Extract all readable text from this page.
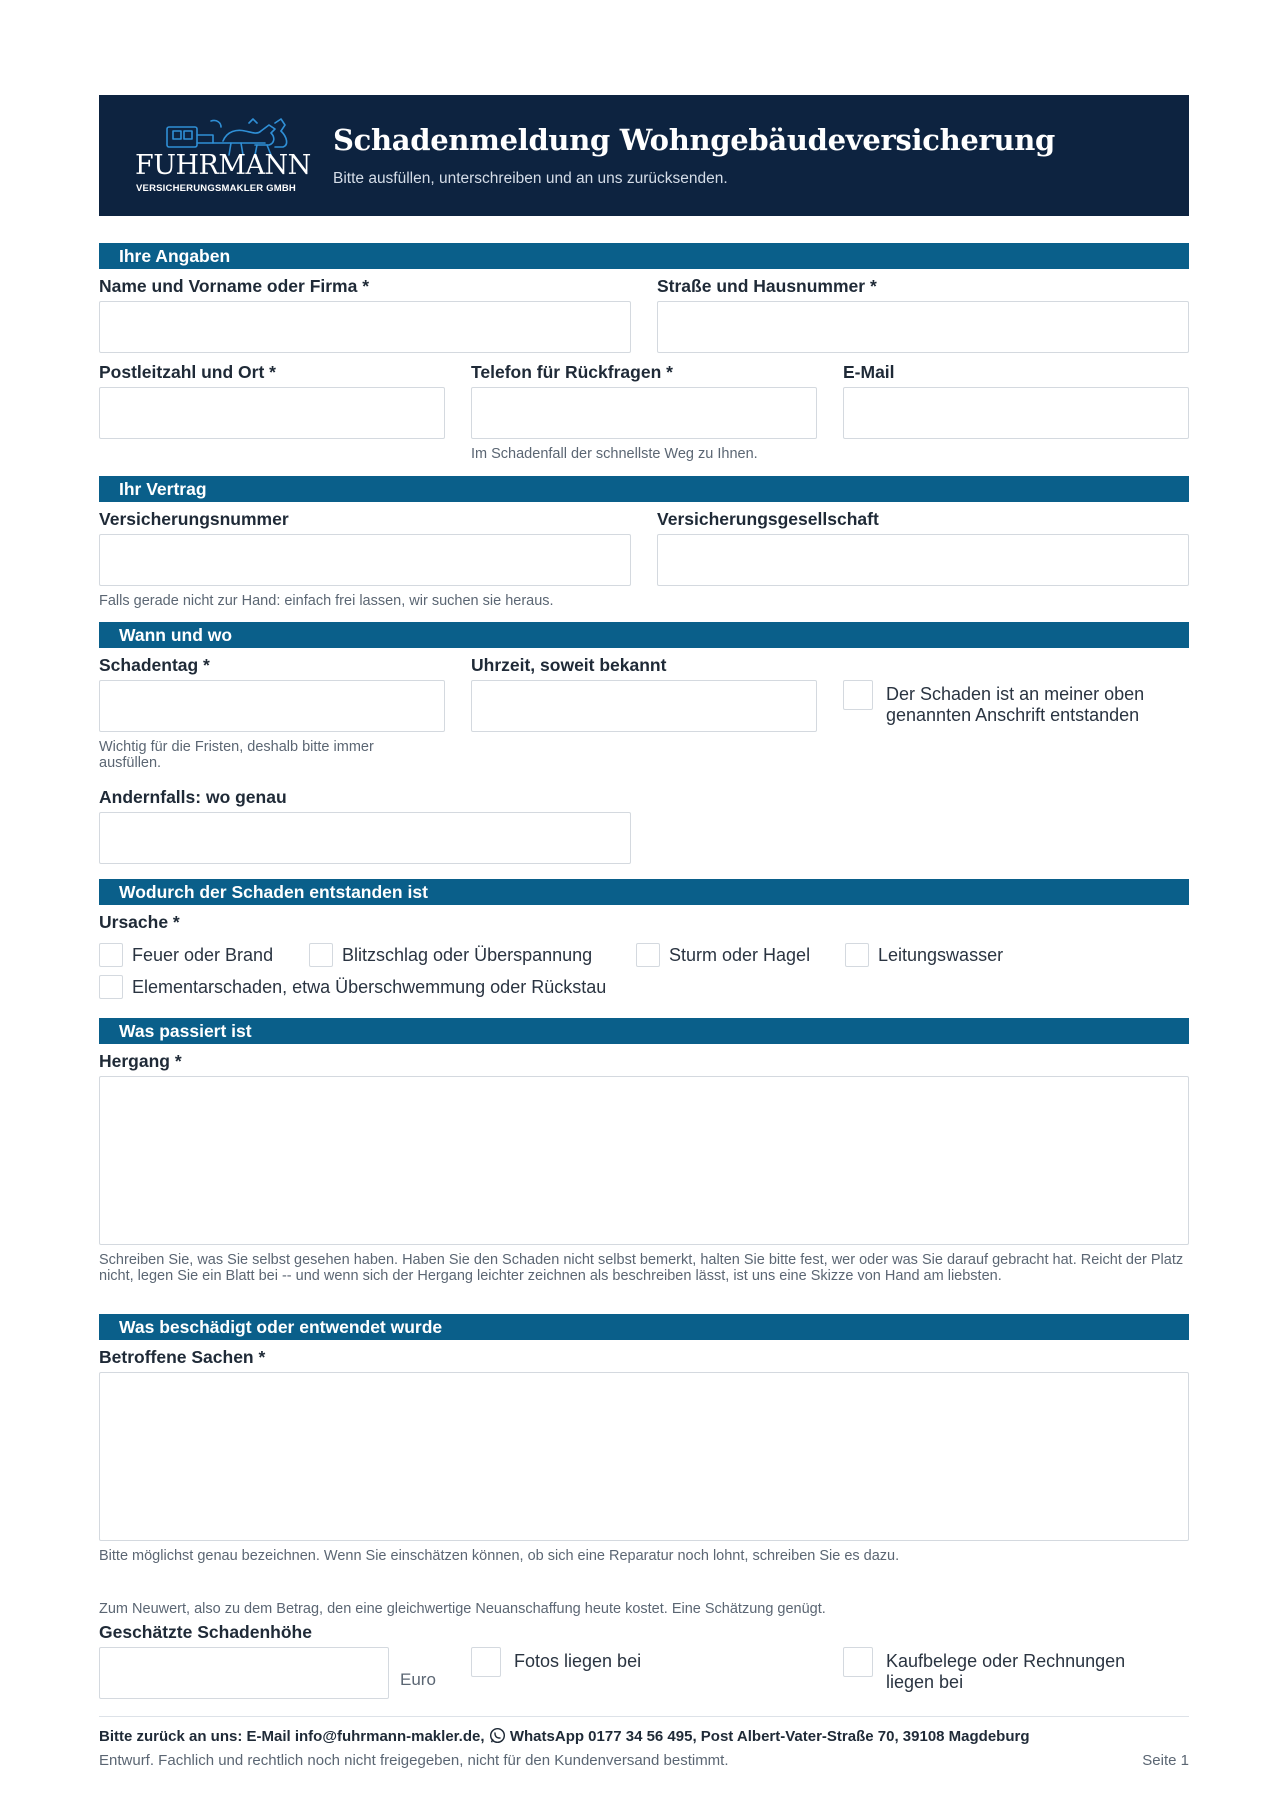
FUHRMANN
VERSICHERUNGSMAKLER GMBH
Schadenmeldung Wohngebäudeversicherung
Bitte ausfüllen, unterschreiben und an uns zurücksenden.
Ihre Angaben
Name und Vorname oder Firma *	Straße und Hausnummer *
Postleitzahl und Ort *	Telefon für Rückfragen *	E-Mail
Im Schadenfall der schnellste Weg zu Ihnen.
Ihr Vertrag
Versicherungsnummer	Versicherungsgesellschaft
Falls gerade nicht zur Hand: einfach frei lassen, wir suchen sie heraus.
Wann und wo
Schadentag *	Uhrzeit, soweit bekannt
Der Schaden ist an meiner oben genannten Anschrift entstanden
Wichtig für die Fristen, deshalb bitte immer ausfüllen.
Andernfalls: wo genau
Wodurch der Schaden entstanden ist
Ursache *
Feuer oder Brand	Blitzschlag oder Überspannung	Sturm oder Hagel	Leitungswasser
Elementarschaden, etwa Überschwemmung oder Rückstau
Was passiert ist
Hergang *
Schreiben Sie, was Sie selbst gesehen haben. Haben Sie den Schaden nicht selbst bemerkt, halten Sie bitte fest, wer oder was Sie darauf gebracht hat. Reicht der Platz nicht, legen Sie ein Blatt bei -- und wenn sich der Hergang leichter zeichnen als beschreiben lässt, ist uns eine Skizze von Hand am liebsten.
Was beschädigt oder entwendet wurde
Betroffene Sachen *
Bitte möglichst genau bezeichnen. Wenn Sie einschätzen können, ob sich eine Reparatur noch lohnt, schreiben Sie es dazu.
Zum Neuwert, also zu dem Betrag, den eine gleichwertige Neuanschaffung heute kostet. Eine Schätzung genügt.
Geschätzte Schadenhöhe
Euro
Fotos liegen bei	Kaufbelege oder Rechnungen liegen bei
Bitte zurück an uns: E-Mail info@fuhrmann-makler.de, WhatsApp 0177 34 56 495, Post Albert-Vater-Straße 70, 39108 Magdeburg
Entwurf. Fachlich und rechtlich noch nicht freigegeben, nicht für den Kundenversand bestimmt.	Seite 1
